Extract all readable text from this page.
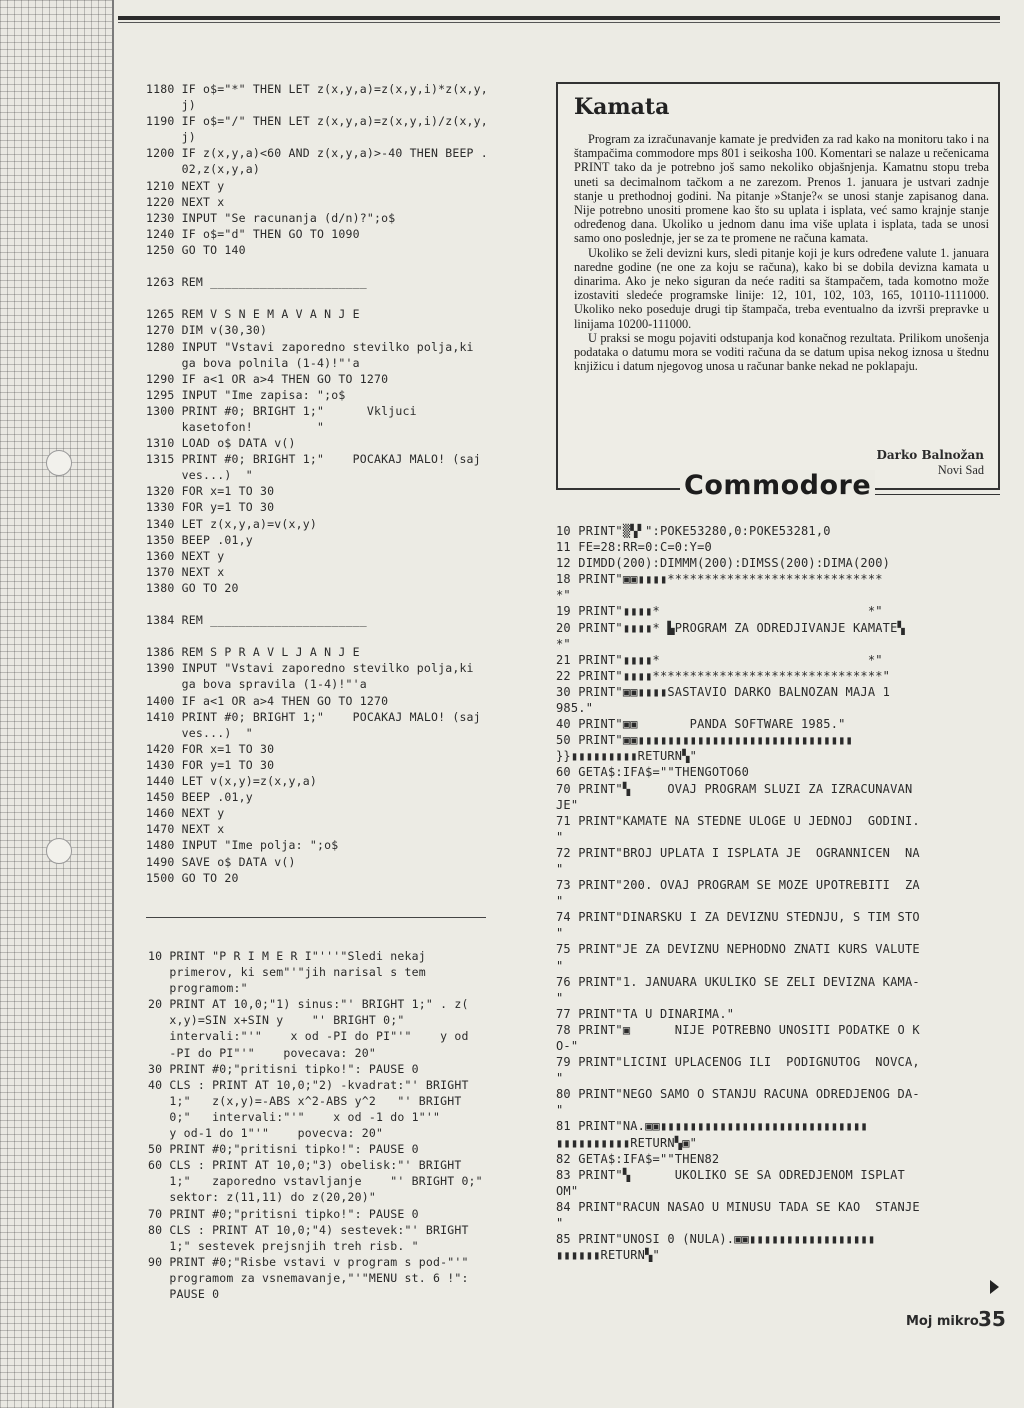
1180 IF o$="*" THEN LET z(x,y,a)=z(x,y,i)*z(x,y,
j)
1190 IF o$="/" THEN LET z(x,y,a)=z(x,y,i)/z(x,y,
j)
1200 IF z(x,y,a)<60 AND z(x,y,a)>-40 THEN BEEP .
02,z(x,y,a)
1210 NEXT y
1220 NEXT x
1230 INPUT "Se racunanja (d/n)?";o$
1240 IF o$="d" THEN GO TO 1090
1250 GO TO 140
1263 REM ______________________
1265 REM V S N E M A V A N J E
1270 DIM v(30,30)
1280 INPUT "Vstavi zaporedno stevilko polja,ki
ga bova polnila (1-4)!"'a
1290 IF a<1 OR a>4 THEN GO TO 1270
1295 INPUT "Ime zapisa: ";o$
1300 PRINT #0; BRIGHT 1;"      Vkljuci
kasetofon!         "
1310 LOAD o$ DATA v()
1315 PRINT #0; BRIGHT 1;"    POCAKAJ MALO! (saj
ves...)  "
1320 FOR x=1 TO 30
1330 FOR y=1 TO 30
1340 LET z(x,y,a)=v(x,y)
1350 BEEP .01,y
1360 NEXT y
1370 NEXT x
1380 GO TO 20
1384 REM ______________________
1386 REM S P R A V L J A N J E
1390 INPUT "Vstavi zaporedno stevilko polja,ki
ga bova spravila (1-4)!"'a
1400 IF a<1 OR a>4 THEN GO TO 1270
1410 PRINT #0; BRIGHT 1;"    POCAKAJ MALO! (saj
ves...)  "
1420 FOR x=1 TO 30
1430 FOR y=1 TO 30
1440 LET v(x,y)=z(x,y,a)
1450 BEEP .01,y
1460 NEXT y
1470 NEXT x
1480 INPUT "Ime polja: ";o$
1490 SAVE o$ DATA v()
1500 GO TO 20
10 PRINT "P R I M E R I"'''"Sledi nekaj
primerov, ki sem"'"jih narisal s tem
programom:"
20 PRINT AT 10,0;"1) sinus:"' BRIGHT 1;" . z(
x,y)=SIN x+SIN y    "' BRIGHT 0;"
intervali:"'"    x od -PI do PI"'"    y od
-PI do PI"'"    povecava: 20"
30 PRINT #0;"pritisni tipko!": PAUSE 0
40 CLS : PRINT AT 10,0;"2) -kvadrat:"' BRIGHT
1;"   z(x,y)=-ABS x^2-ABS y^2   "' BRIGHT
0;"   intervali:"'"    x od -1 do 1"'"
y od-1 do 1"'"    povecva: 20"
50 PRINT #0;"pritisni tipko!": PAUSE 0
60 CLS : PRINT AT 10,0;"3) obelisk:"' BRIGHT
1;"   zaporedno vstavljanje    "' BRIGHT 0;"
sektor: z(11,11) do z(20,20)"
70 PRINT #0;"pritisni tipko!": PAUSE 0
80 CLS : PRINT AT 10,0;"4) sestevek:"' BRIGHT
1;" sestevek prejsnjih treh risb. "
90 PRINT #0;"Risbe vstavi v program s pod-"'"
programom za vsnemavanje,"'"MENU st. 6 !":
PAUSE 0
Kamata

Program za izračunavanje kamate je predviđen za rad kako na monitoru tako i na štampačima commodore mps 801 i seikosha 100. Komentari se nalaze u rečenicama PRINT tako da je potrebno još samo nekoliko objašnjenja. Kamatnu stopu treba uneti sa decimalnom tačkom a ne zarezom. Prenos 1. januara je ustvari zadnje stanje u prethodnoj godini. Na pitanje »Stanje?« se unosi stanje zapisanog dana. Nije potrebno unositi promene kao što su uplata i isplata, već samo krajnje stanje određenog dana. Ukoliko u jednom danu ima više uplata i isplata, tada se unosi samo ono poslednje, jer se za te promene ne računa kamata.

Ukoliko se želi devizni kurs, sledi pitanje koji je kurs određene valute 1. januara naredne godine (ne one za koju se računa), kako bi se dobila devizna kamata u dinarima. Ako je neko siguran da neće raditi sa štampačem, tada komotno može izostaviti sledeće programske linije: 12, 101, 102, 103, 165, 10110-1111000. Ukoliko neko poseduje drugi tip štampača, treba eventualno da izvrši prepravke u linijama 10200-111000.

U praksi se mogu pojaviti odstupanja kod konačnog rezultata. Prilikom unošenja podataka o datumu mora se voditi računa da se datum upisa nekog iznosa u štednu knjižicu i datum njegovog unosa u računar banke nekad ne poklapaju.

Darko Balnožan
Novi Sad
Commodore
10 PRINT"▒▚▘":POKE53280,0:POKE53281,0
11 FE=28:RR=0:C=0:Y=0
12 DIMDD(200):DIMMM(200):DIMSS(200):DIMA(200)
18 PRINT"▣▣▮▮▮▮*****************************
*"
19 PRINT"▮▮▮▮*                            *"
20 PRINT"▮▮▮▮* ▙PROGRAM ZA ODREDJIVANJE KAMATE▚
*"
21 PRINT"▮▮▮▮*                            *"
22 PRINT"▮▮▮▮*******************************"
30 PRINT"▣▣▮▮▮▮SASTAVIO DARKO BALNOZAN MAJA 1
985."
40 PRINT"▣▣       PANDA SOFTWARE 1985."
50 PRINT"▣▣▮▮▮▮▮▮▮▮▮▮▮▮▮▮▮▮▮▮▮▮▮▮▮▮▮▮▮▮▮
}}▮▮▮▮▮▮▮▮▮RETURN▚"
60 GETA$:IFA$=""THENGOTO60
70 PRINT"▚     OVAJ PROGRAM SLUZI ZA IZRACUNAVAN
JE"
71 PRINT"KAMATE NA STEDNE ULOGE U JEDNOJ  GODINI.
"
72 PRINT"BROJ UPLATA I ISPLATA JE  OGRANNICEN  NA
"
73 PRINT"200. OVAJ PROGRAM SE MOZE UPOTREBITI  ZA
"
74 PRINT"DINARSKU I ZA DEVIZNU STEDNJU, S TIM STO
"
75 PRINT"JE ZA DEVIZNU NEPHODNO ZNATI KURS VALUTE
"
76 PRINT"1. JANUARA UKULIKO SE ZELI DEVIZNA KAMA-
"
77 PRINT"TA U DINARIMA."
78 PRINT"▣      NIJE POTREBNO UNOSITI PODATKE O K
O-"
79 PRINT"LICINI UPLACENOG ILI  PODIGNUTOG  NOVCA,
"
80 PRINT"NEGO SAMO O STANJU RACUNA ODREDJENOG DA-
"
81 PRINT"NA.▣▣▮▮▮▮▮▮▮▮▮▮▮▮▮▮▮▮▮▮▮▮▮▮▮▮▮▮▮▮
▮▮▮▮▮▮▮▮▮▮RETURN▚▣"
82 GETA$:IFA$=""THEN82
83 PRINT"▚      UKOLIKO SE SA ODREDJENOM ISPLAT
OM"
84 PRINT"RACUN NASAO U MINUSU TADA SE KAO  STANJE
"
85 PRINT"UNOSI 0 (NULA).▣▣▮▮▮▮▮▮▮▮▮▮▮▮▮▮▮▮▮
▮▮▮▮▮▮RETURN▚"
Moj mikro 35
